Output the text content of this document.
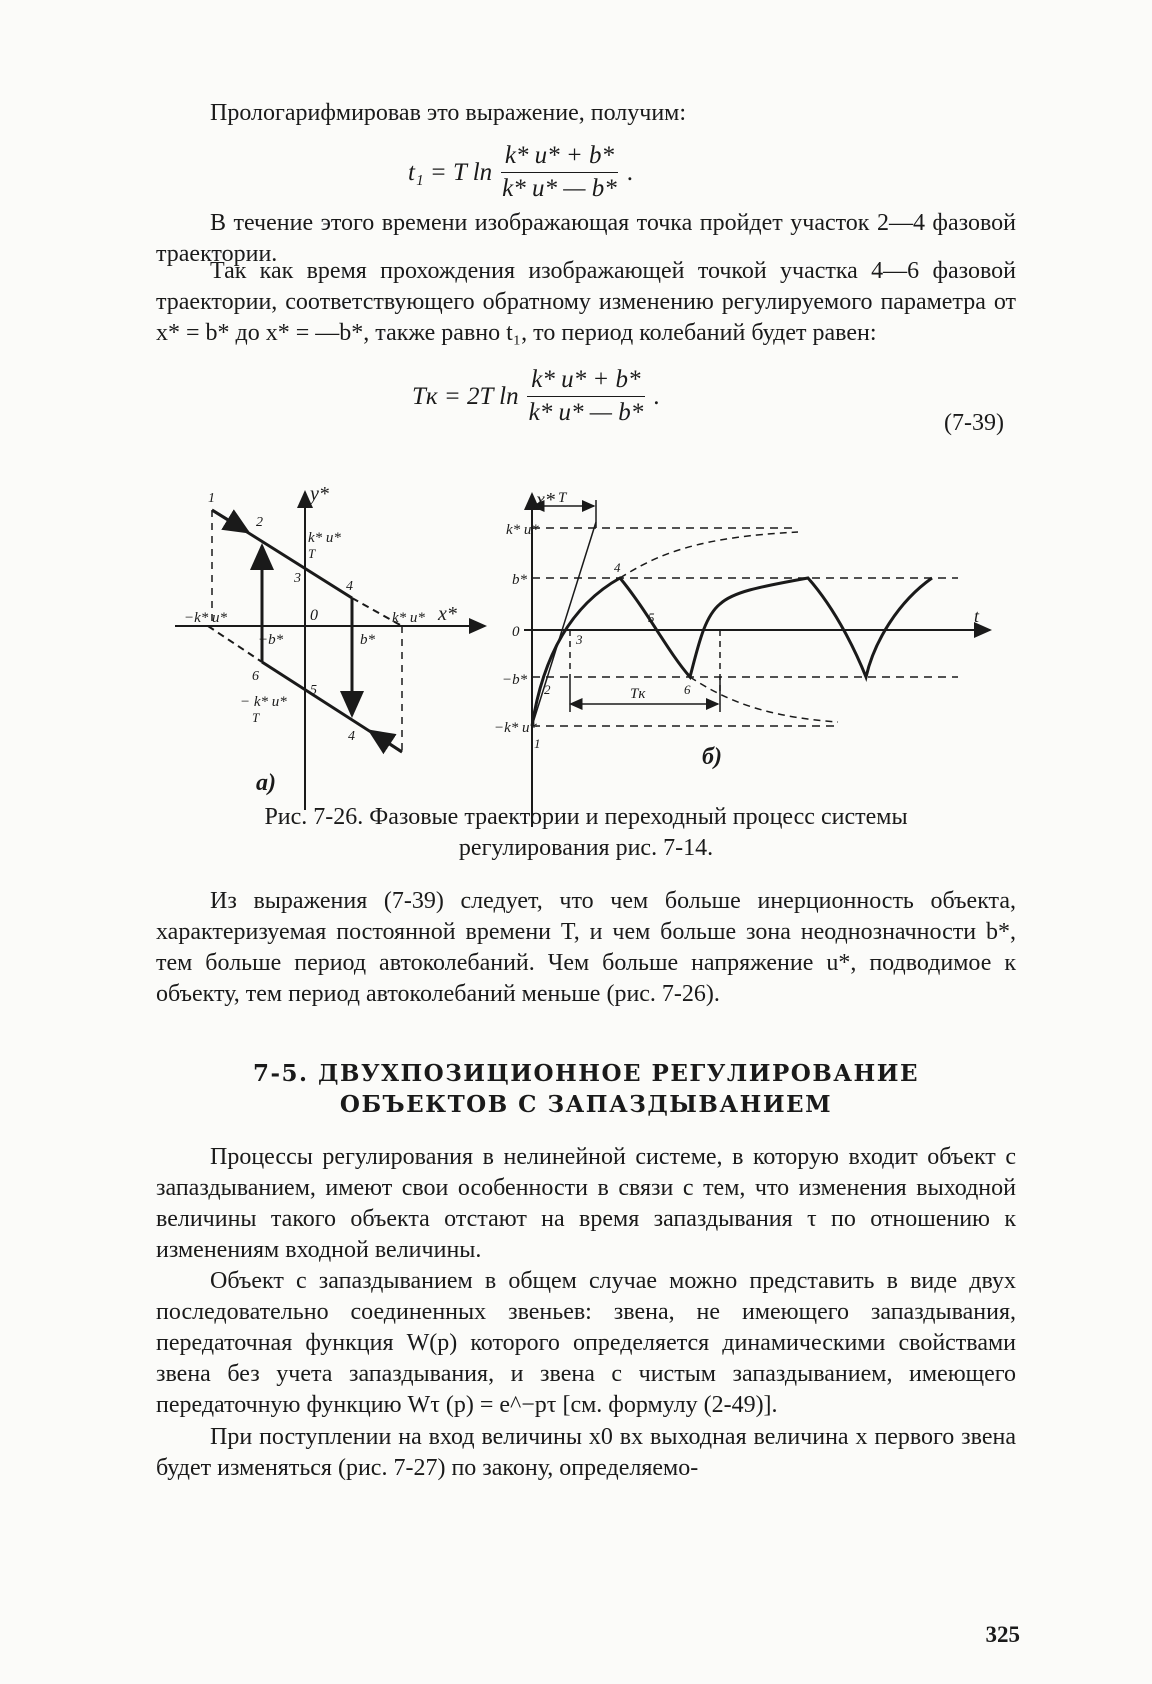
Прологарифмировав это выражение, получим:

t₁ = T $\ln \frac{k* u* + b*}{k* u* — b*}$ .

В течение этого времени изображающая точка пройдет участок 2—4 фазовой траектории.

Так как время прохождения изображающей точкой участка 4—6 фазовой траектории, соответствующего обратному изменению регулируемого параметра от x* = b* до x* = —b*, также равно t₁, то период колебаний будет равен:

Tк = 2T $\ln \frac{k* u* + b*}{k* u* — b*}$ .
(7-39)
y*
x*
0
k* u*
T
− k* u*
T
−k* u*	k* u*
−b*	b*
1
2
3
4
4
5
6
а)
x*
t
T
Tк
k* u*
b*
0
−b*
−k* u*
1
2
3
4
5
6
б)
Рис. 7-26. Фазовые траектории и переходный процесс системы
регулирования рис. 7-14.

Из выражения (7-39) следует, что чем больше инерционность объекта, характеризуемая постоянной времени T, и чем больше зона неоднозначности b*, тем больше период автоколебаний. Чем больше напряжение u*, подводимое к объекту, тем период автоколебаний меньше (рис. 7-26).

7-5. ДВУХПОЗИЦИОННОЕ РЕГУЛИРОВАНИЕ
ОБЪЕКТОВ С ЗАПАЗДЫВАНИЕМ

Процессы регулирования в нелинейной системе, в которую входит объект с запаздыванием, имеют свои особенности в связи с тем, что изменения выходной величины такого объекта отстают на время запаздывания τ по отношению к изменениям входной величины.

Объект с запаздыванием в общем случае можно представить в виде двух последовательно соединенных звеньев: звена, не имеющего запаздывания, передаточная функция W(p) которого определяется динамическими свойствами звена без учета запаздывания, и звена с чистым запаздыванием, имеющего передаточную функцию Wτ (p) = e^−pτ [см. формулу (2-49)].

При поступлении на вход величины x0 вх выходная величина x первого звена будет изменяться (рис. 7-27) по закону, определяемо-

325
